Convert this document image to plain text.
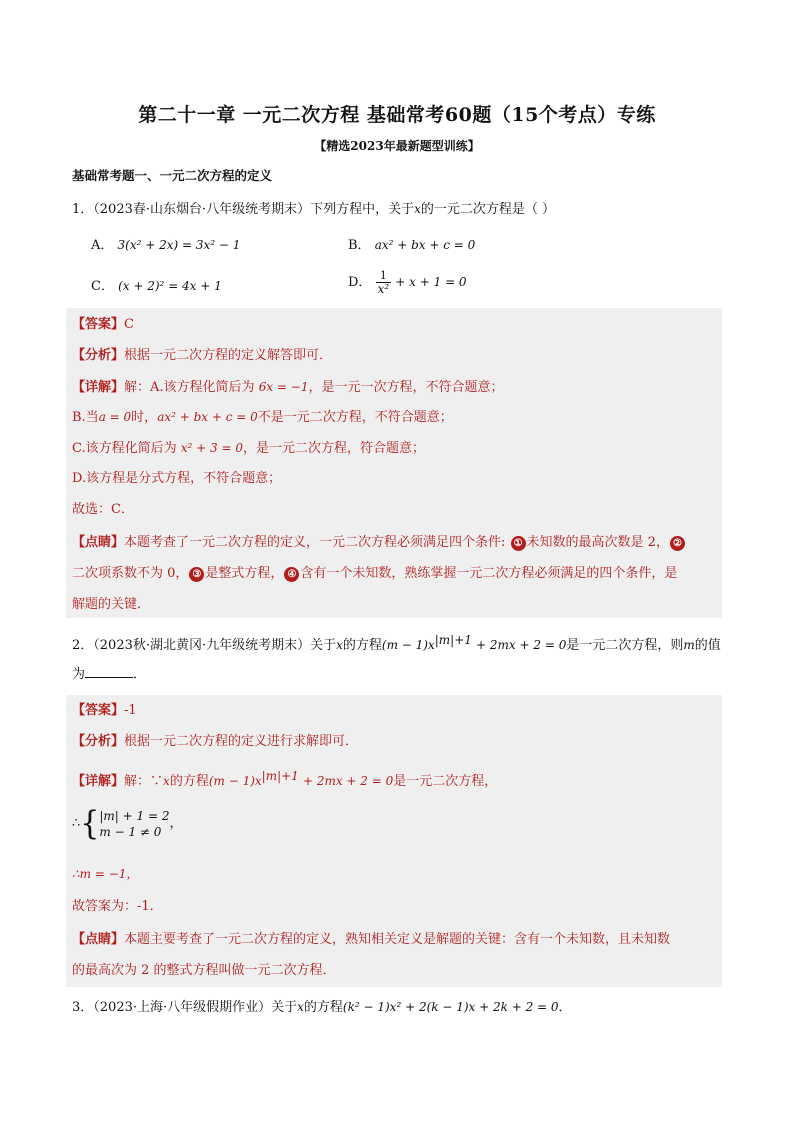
第二十一章 一元二次方程 基础常考60题（15个考点）专练
【精选2023年最新题型训练】
基础常考题一、一元二次方程的定义
1．（2023春·山东烟台·八年级统考期末）下列方程中，关于x的一元二次方程是（ ）
A． 3(x² + 2x) = 3x² − 1	B． ax² + bx + c = 0
C． (x + 2)² = 4x + 1	D． $\frac{1}{\text{x²}} + x + 1 = 0$
【答案】C
【分析】根据一元二次方程的定义解答即可．
【详解】解：A.该方程化简后为 6x = −1，是一元一次方程，不符合题意；
B.当a = 0时，ax² + bx + c = 0不是一元二次方程，不符合题意；
C.该方程化简后为 x² + 3 = 0，是一元二次方程，符合题意；
D.该方程是分式方程，不符合题意；
故选：C．
【点睛】本题考查了一元二次方程的定义，一元二次方程必须满足四个条件: ① 未知数的最高次数是 2， ②
二次项系数不为 0， ③ 是整式方程， ④ 含有一个未知数，熟练掌握一元二次方程必须满足的四个条件，是
解题的关键．
2．（2023秋·湖北黄冈·九年级统考期末）关于x的方程$(m - 1)x^{|m|+1} + 2mx + 2 = 0$是一元二次方程，则m的值
为	．
【答案】-1
【分析】根据一元二次方程的定义进行求解即可．
【详解】解：∵x的方程$(m - 1)x^{|m|+1} + 2mx + 2 = 0$是一元二次方程，
∴{ |m| + 1 = 2
m − 1 ≠ 0
，
∴m = −1，
故答案为：-1．
【点睛】本题主要考查了一元二次方程的定义，熟知相关定义是解题的关键：含有一个未知数，且未知数
的最高次为 2 的整式方程叫做一元二次方程．
3．（2023·上海·八年级假期作业）关于x的方程(k² − 1)x² + 2(k − 1)x + 2k + 2 = 0．
